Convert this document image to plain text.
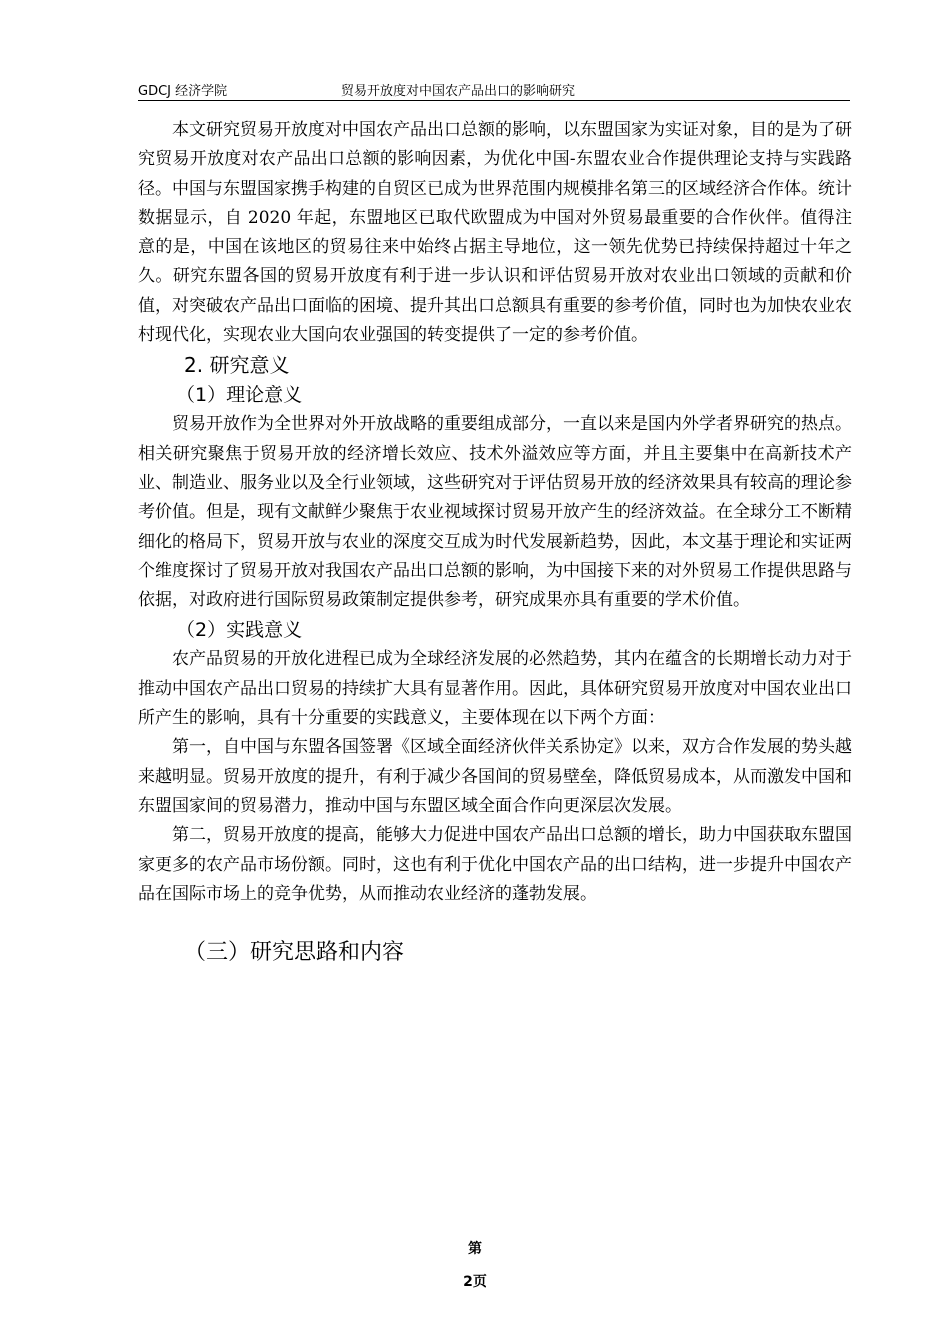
GDCJ 经济学院	贸易开放度对中国农产品出口的影响研究

本文研究贸易开放度对中国农产品出口总额的影响，以东盟国家为实证对象，目的是为了研究贸易开放度对农产品出口总额的影响因素，为优化中国-东盟农业合作提供理论支持与实践路径。中国与东盟国家携手构建的自贸区已成为世界范围内规模排名第三的区域经济合作体。统计数据显示，自 2020 年起，东盟地区已取代欧盟成为中国对外贸易最重要的合作伙伴。值得注意的是，中国在该地区的贸易往来中始终占据主导地位，这一领先优势已持续保持超过十年之久。研究东盟各国的贸易开放度有利于进一步认识和评估贸易开放对农业出口领域的贡献和价值，对突破农产品出口面临的困境、提升其出口总额具有重要的参考价值，同时也为加快农业农村现代化，实现农业大国向农业强国的转变提供了一定的参考价值。

2. 研究意义
（1）理论意义

贸易开放作为全世界对外开放战略的重要组成部分，一直以来是国内外学者界研究的热点。相关研究聚焦于贸易开放的经济增长效应、技术外溢效应等方面，并且主要集中在高新技术产业、制造业、服务业以及全行业领域，这些研究对于评估贸易开放的经济效果具有较高的理论参考价值。但是，现有文献鲜少聚焦于农业视域探讨贸易开放产生的经济效益。在全球分工不断精细化的格局下，贸易开放与农业的深度交互成为时代发展新趋势，因此，本文基于理论和实证两个维度探讨了贸易开放对我国农产品出口总额的影响，为中国接下来的对外贸易工作提供思路与依据，对政府进行国际贸易政策制定提供参考，研究成果亦具有重要的学术价值。

（2）实践意义

农产品贸易的开放化进程已成为全球经济发展的必然趋势，其内在蕴含的长期增长动力对于推动中国农产品出口贸易的持续扩大具有显著作用。因此，具体研究贸易开放度对中国农业出口所产生的影响，具有十分重要的实践意义，主要体现在以下两个方面：

第一，自中国与东盟各国签署《区域全面经济伙伴关系协定》以来，双方合作发展的势头越来越明显。贸易开放度的提升，有利于减少各国间的贸易壁垒，降低贸易成本，从而激发中国和东盟国家间的贸易潜力，推动中国与东盟区域全面合作向更深层次发展。

第二，贸易开放度的提高，能够大力促进中国农产品出口总额的增长，助力中国获取东盟国家更多的农产品市场份额。同时，这也有利于优化中国农产品的出口结构，进一步提升中国农产品在国际市场上的竞争优势，从而推动农业经济的蓬勃发展。

（三）研究思路和内容
第
2页
